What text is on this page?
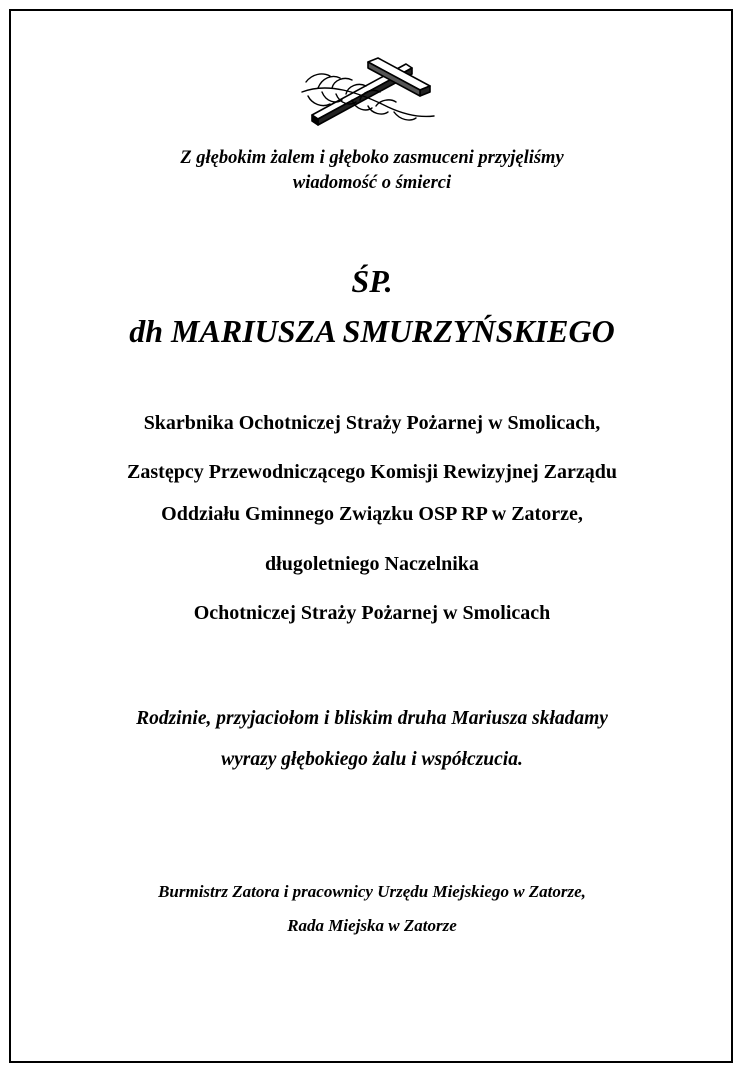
Z głębokim żalem i głęboko zasmuceni przyjęliśmy
wiadomość o śmierci
ŚP.
dh MARIUSZA SMURZYŃSKIEGO
Skarbnika Ochotniczej Straży Pożarnej w Smolicach,
Zastępcy Przewodniczącego Komisji Rewizyjnej Zarządu
Oddziału Gminnego Związku OSP RP w Zatorze,
długoletniego Naczelnika
Ochotniczej Straży Pożarnej w Smolicach
Rodzinie, przyjaciołom i bliskim druha Mariusza składamy
wyrazy głębokiego żalu i współczucia.
Burmistrz Zatora i pracownicy Urzędu Miejskiego w Zatorze,
Rada Miejska w Zatorze
